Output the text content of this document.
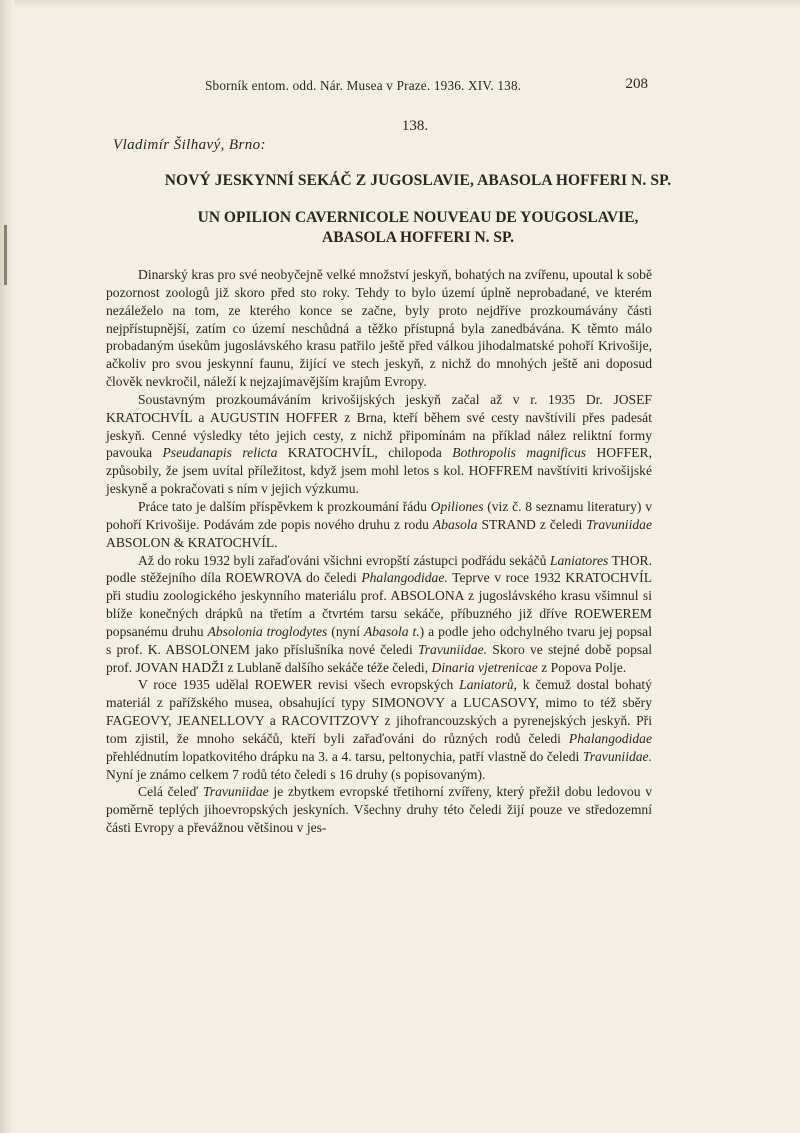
Sborník entom. odd. Nár. Musea v Praze. 1936. XIV. 138.	208
138.
Vladimír Šilhavý, Brno:
NOVÝ JESKYNNÍ SEKÁČ Z JUGOSLAVIE, ABASOLA HOFFERI N. SP.
UN OPILION CAVERNICOLE NOUVEAU DE YOUGOSLAVIE,
ABASOLA HOFFERI N. SP.

Dinarský kras pro své neobyčejně velké množství jeskyň, bohatých na zvířenu, upoutal k sobě pozornost zoologů již skoro před sto roky. Tehdy to bylo území úplně neprobadané, ve kterém nezáleželo na tom, ze kterého konce se začne, byly proto nejdříve prozkoumávány části nejpřístupnější, zatím co území neschůdná a těžko přístupná byla zanedbávána. K těmto málo probadaným úsekům jugoslávského krasu patřilo ještě před válkou jihodalmatské pohoří Krivošije, ačkoliv pro svou jeskynní faunu, žijící ve stech jeskyň, z nichž do mnohých ještě ani doposud člověk nevkročil, náleží k nejzajímavějším krajům Evropy.

Soustavným prozkoumáváním krivošijských jeskyň začal až v r. 1935 Dr. JOSEF KRATOCHVÍL a AUGUSTIN HOFFER z Brna, kteří během své cesty navštívili přes padesát jeskyň. Cenné výsledky této jejich cesty, z nichž připomínám na příklad nález reliktní formy pavouka Pseudanapis relicta KRATOCHVÍL, chilopoda Bothropolis magnificus HOFFER, způsobily, že jsem uvítal příležitost, když jsem mohl letos s kol. HOFFREM navštíviti krivošijské jeskyně a pokračovati s ním v jejich výzkumu.

Práce tato je dalším příspěvkem k prozkoumání řádu Opiliones (viz č. 8 seznamu literatury) v pohoří Krivošije. Podávám zde popis nového druhu z rodu Abasola STRAND z čeledi Travuniidae ABSOLON & KRATOCHVÍL.

Až do roku 1932 byli zařaďováni všichni evropští zástupci podřádu sekáčů Laniatores THOR. podle stěžejního díla ROEWROVA do čeledi Phalangodidae. Teprve v roce 1932 KRATOCHVÍL při studiu zoologického jeskynního materiálu prof. ABSOLONA z jugoslávského krasu všimnul si blíže konečných drápků na třetím a čtvrtém tarsu sekáče, příbuzného již dříve ROEWEREM popsanému druhu Absolonia troglodytes (nyní Abasola t.) a podle jeho odchylného tvaru jej popsal s prof. K. ABSOLONEM jako příslušníka nové čeledi Travuniidae. Skoro ve stejné době popsal prof. JOVAN HADŽI z Lublaně dalšího sekáče téže čeledi, Dinaria vjetrenicae z Popova Polje.

V roce 1935 udělal ROEWER revisi všech evropských Laniatorů, k čemuž dostal bohatý materiál z pařížského musea, obsahující typy SIMONOVY a LUCASOVY, mimo to též sběry FAGEOVY, JEANELLOVY a RACOVITZOVY z jihofrancouzských a pyrenejských jeskyň. Při tom zjistil, že mnoho sekáčů, kteří byli zařaďováni do různých rodů čeledi Phalangodidae přehlédnutím lopatkovitého drápku na 3. a 4. tarsu, peltonychia, patří vlastně do čeledi Travuniidae. Nyní je známo celkem 7 rodů této čeledi s 16 druhy (s popisovaným).

Celá čeleď Travuniidae je zbytkem evropské třetihorní zvířeny, který přežil dobu ledovou v poměrně teplých jihoevropských jeskyních. Všechny druhy této čeledi žijí pouze ve středozemní části Evropy a převážnou většinou v jes-
